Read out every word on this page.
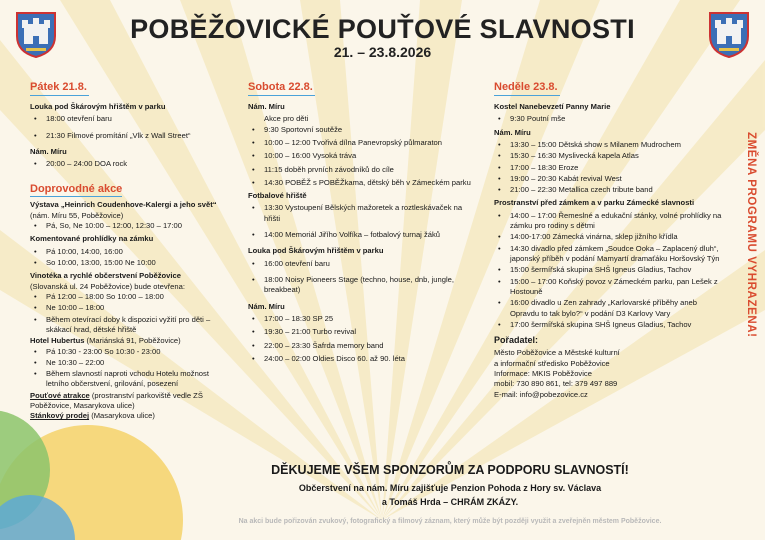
POBĚŽOVICKÉ POUŤOVÉ SLAVNOSTI
21. – 23.8.2026
Pátek 21.8.
Louka pod Škárovým hřištěm v parku
• 18:00 otevření baru
• 21:30 Filmové promítání „Vlk z Wall Street“
Nám. Míru
• 20:00 – 24:00 DOA rock
Doprovodné akce
Výstava „Heinrich Coudenhove-Kalergi a jeho svět“ (nám. Míru 55, Poběžovice)
• Pá, So, Ne 10:00 – 12:00, 12:30 – 17:00
Komentované prohlídky na zámku
• Pá 10:00, 14:00, 16:00
• So 10:00, 13:00, 15:00 Ne 10:00
Vinotéka a rychlé občerstvení Poběžovice
(Slovanská ul. 24 Poběžovice) bude otevřena:
• Pá 12:00 – 18:00 So 10:00 – 18:00
• Ne 10:00 – 18:00
• Během otevírací doby k dispozici vyžití pro děti – skákací hrad, dětské hřiště
Hotel Hubertus (Mariánská 91, Poběžovice)
• Pá 10:30 - 23:00 So 10:30 - 23:00
• Ne 10:30 – 22:00
• Během slavností naproti vchodu Hotelu možnost letního občerstvení, grilování, posezení
Pouťové atrakce (prostranství parkoviště vedle ZŠ Poběžovice, Masarykova ulice)
Stánkový prodej (Masarykova ulice)
Sobota 22.8.
Nám. Míru
Akce pro děti
• 9:30 Sportovní soutěže
• 10:00 – 12:00 Tvořivá dílna Panevropský půlmaraton
• 10:00 – 16:00 Vysoká tráva
• 11:15 doběh prvních závodníků do cíle
• 14:30 POBĚŽ s POBĚŽkama, dětský běh v Zámeckém parku
Fotbalové hřiště
• 13:30 Vystoupení Bělských mažoretek a roztleskávaček na hřišti
• 14:00 Memoriál Jiřího Volfíka – fotbalový turnaj žáků
Louka pod Škárovým hřištěm v parku
• 16:00 otevření baru
• 18:00 Noisy Pioneers Stage (techno, house, dnb, jungle, breakbeat)
Nám. Míru
• 17:00 – 18:30 SP 25
• 19:30 – 21:00 Turbo revival
• 22:00 – 23:30 Šafrda memory band
• 24:00 – 02:00 Oldies Disco 60. až 90. léta
Neděle 23.8.
Kostel Nanebevzetí Panny Marie
• 9:30 Poutní mše
Nám. Míru
• 13:30 – 15:00 Dětská show s Milanem Mudrochem
• 15:30 – 16:30 Myslivecká kapela Atlas
• 17:00 – 18:30 Eroze
• 19:00 – 20:30 Kabát revival West
• 21:00 – 22:30 Metallica czech tribute band
Prostranství před zámkem a v parku Zámecké slavnosti
• 14:00 – 17:00 Řemeslné a edukační stánky, volné prohlídky na zámku pro rodiny s dětmi
• 14:00-17:00 Zámecká vinárna, sklep jižního křídla
• 14:30 divadlo před zámkem „Soudce Ooka – Zaplacený dluh“, japonský příběh v podání Mamyartí dramaťáku Horšovský Týn
• 15:00 šermířská skupina SHŠ Igneus Gladius, Tachov
• 15:00 – 17:00 Koňský povoz v Zámeckém parku, pan Lešek z Hostouně
• 16:00 divadlo u Zen zahrady „Karlovarské příběhy aneb Opravdu to tak bylo?“ v podání D3 Karlovy Vary
• 17:00 šermířská skupina SHŠ Igneus Gladius, Tachov
Pořadatel:
Město Poběžovice a Městské kulturní
a informační středisko Poběžovice
Informace: MKIS Poběžovice
mobil: 730 890 861, tel: 379 497 889
E-mail: info@pobezovice.cz
ZMĚNA PROGRAMU VYHRAZENA!
DĚKUJEME VŠEM SPONZORŮM ZA PODPORU SLAVNOSTÍ!
Občerstvení na nám. Míru zajišťuje Penzion Pohoda z Hory sv. Václava
a Tomáš Hrda – CHRÁM ZKÁZY.
Na akci bude pořizován zvukový, fotografický a filmový záznam, který může být později využit a zveřejněn městem Poběžovice.
